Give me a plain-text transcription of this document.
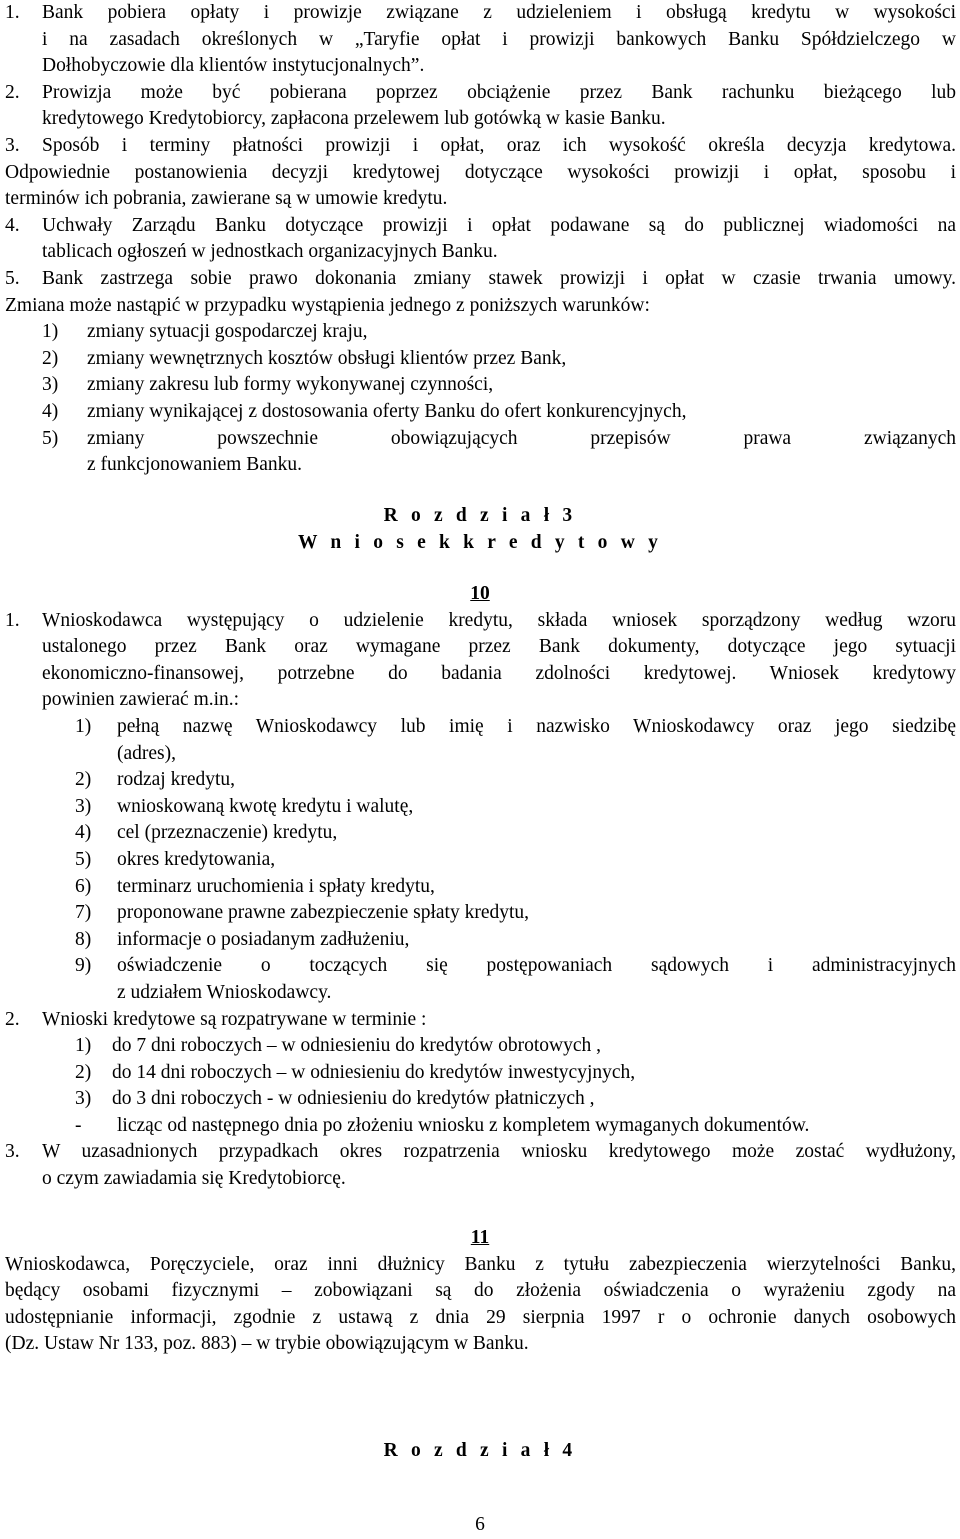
1. Bank pobiera opłaty i prowizje związane z udzieleniem i obsługą kredytu w wysokości
i na zasadach określonych w „Taryfie opłat i prowizji bankowych Banku Spółdzielczego w
Dołhobyczowie dla klientów instytucjonalnych”.
2. Prowizja może być pobierana poprzez obciążenie przez Bank rachunku bieżącego lub
kredytowego Kredytobiorcy, zapłacona przelewem lub gotówką w kasie Banku.
3. Sposób i terminy płatności prowizji i opłat, oraz ich wysokość określa decyzja kredytowa.
Odpowiednie postanowienia decyzji kredytowej dotyczące wysokości prowizji i opłat, sposobu i
terminów ich pobrania, zawierane są w umowie kredytu.
4. Uchwały Zarządu Banku dotyczące prowizji i opłat podawane są do publicznej wiadomości na
tablicach ogłoszeń w jednostkach organizacyjnych Banku.
5. Bank zastrzega sobie prawo dokonania zmiany stawek prowizji i opłat w czasie trwania umowy.
Zmiana może nastąpić w przypadku wystąpienia jednego z poniższych warunków:
1) zmiany sytuacji gospodarczej kraju,
2) zmiany wewnętrznych kosztów obsługi klientów przez Bank,
3) zmiany zakresu lub formy wykonywanej czynności,
4) zmiany wynikającej z dostosowania oferty Banku do ofert konkurencyjnych,
5) zmiany powszechnie obowiązujących przepisów prawa związanych
z funkcjonowaniem Banku.
R o z d z i a ł 3
W n i o s e k k r e d y t o w y
10
1. Wnioskodawca występujący o udzielenie kredytu, składa wniosek sporządzony według wzoru
ustalonego przez Bank oraz wymagane przez Bank dokumenty, dotyczące jego sytuacji
ekonomiczno-finansowej, potrzebne do badania zdolności kredytowej. Wniosek kredytowy
powinien zawierać m.in.:
1) pełną nazwę Wnioskodawcy lub imię i nazwisko Wnioskodawcy oraz jego siedzibę
(adres),
2) rodzaj kredytu,
3) wnioskowaną kwotę kredytu i walutę,
4) cel (przeznaczenie) kredytu,
5) okres kredytowania,
6) terminarz uruchomienia i spłaty kredytu,
7) proponowane prawne zabezpieczenie spłaty kredytu,
8) informacje o posiadanym zadłużeniu,
9) oświadczenie o toczących się postępowaniach sądowych i administracyjnych
z udziałem Wnioskodawcy.
2. Wnioski kredytowe są rozpatrywane w terminie :
1) do 7 dni roboczych – w odniesieniu do kredytów obrotowych ,
2) do 14 dni roboczych – w odniesieniu do kredytów inwestycyjnych,
3) do 3 dni roboczych - w odniesieniu do kredytów płatniczych ,
- licząc od następnego dnia po złożeniu wniosku z kompletem wymaganych dokumentów.
3. W uzasadnionych przypadkach okres rozpatrzenia wniosku kredytowego może zostać wydłużony,
o czym zawiadamia się Kredytobiorcę.
11
Wnioskodawca, Poręczyciele, oraz inni dłużnicy Banku z tytułu zabezpieczenia wierzytelności Banku,
będący osobami fizycznymi – zobowiązani są do złożenia oświadczenia o wyrażeniu zgody na
udostępnianie informacji, zgodnie z ustawą z dnia 29 sierpnia 1997 r o ochronie danych osobowych
(Dz. Ustaw Nr 133, poz. 883) – w trybie obowiązującym w Banku.
R o z d z i a ł 4
6
